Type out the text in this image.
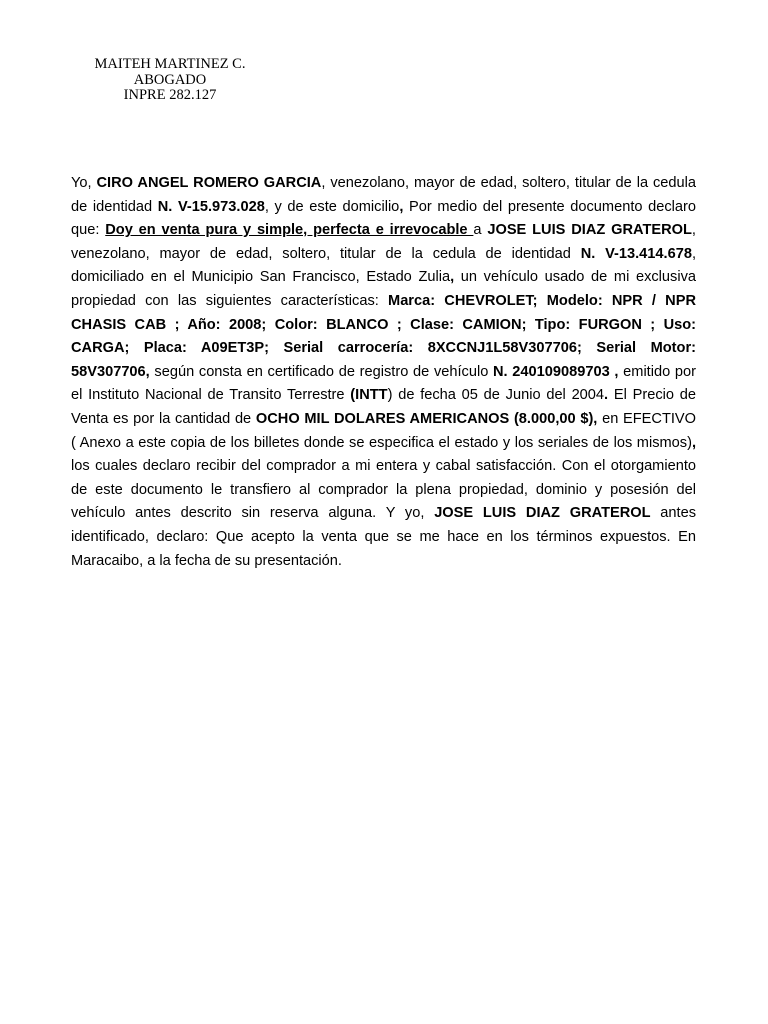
MAITEH MARTINEZ C.
ABOGADO
INPRE 282.127

Yo, CIRO ANGEL ROMERO GARCIA, venezolano, mayor de edad, soltero, titular de la cedula de identidad N. V-15.973.028, y de este domicilio, Por medio del presente documento declaro que: Doy en venta pura y simple, perfecta e irrevocable a JOSE LUIS DIAZ GRATEROL, venezolano, mayor de edad, soltero, titular de la cedula de identidad N. V-13.414.678, domiciliado en el Municipio San Francisco, Estado Zulia, un vehículo usado de mi exclusiva propiedad con las siguientes características: Marca: CHEVROLET; Modelo: NPR / NPR CHASIS CAB ; Año: 2008; Color: BLANCO ; Clase: CAMION; Tipo: FURGON ; Uso: CARGA; Placa: A09ET3P; Serial carrocería: 8XCCNJ1L58V307706; Serial Motor: 58V307706, según consta en certificado de registro de vehículo N. 240109089703 , emitido por el Instituto Nacional de Transito Terrestre (INTT) de fecha 05 de Junio del 2004. El Precio de Venta es por la cantidad de OCHO MIL DOLARES AMERICANOS (8.000,00 $), en EFECTIVO ( Anexo a este copia de los billetes donde se especifica el estado y los seriales de los mismos), los cuales declaro recibir del comprador a mi entera y cabal satisfacción. Con el otorgamiento de este documento le transfiero al comprador la plena propiedad, dominio y posesión del vehículo antes descrito sin reserva alguna. Y yo, JOSE LUIS DIAZ GRATEROL antes identificado, declaro: Que acepto la venta que se me hace en los términos expuestos. En Maracaibo, a la fecha de su presentación.
